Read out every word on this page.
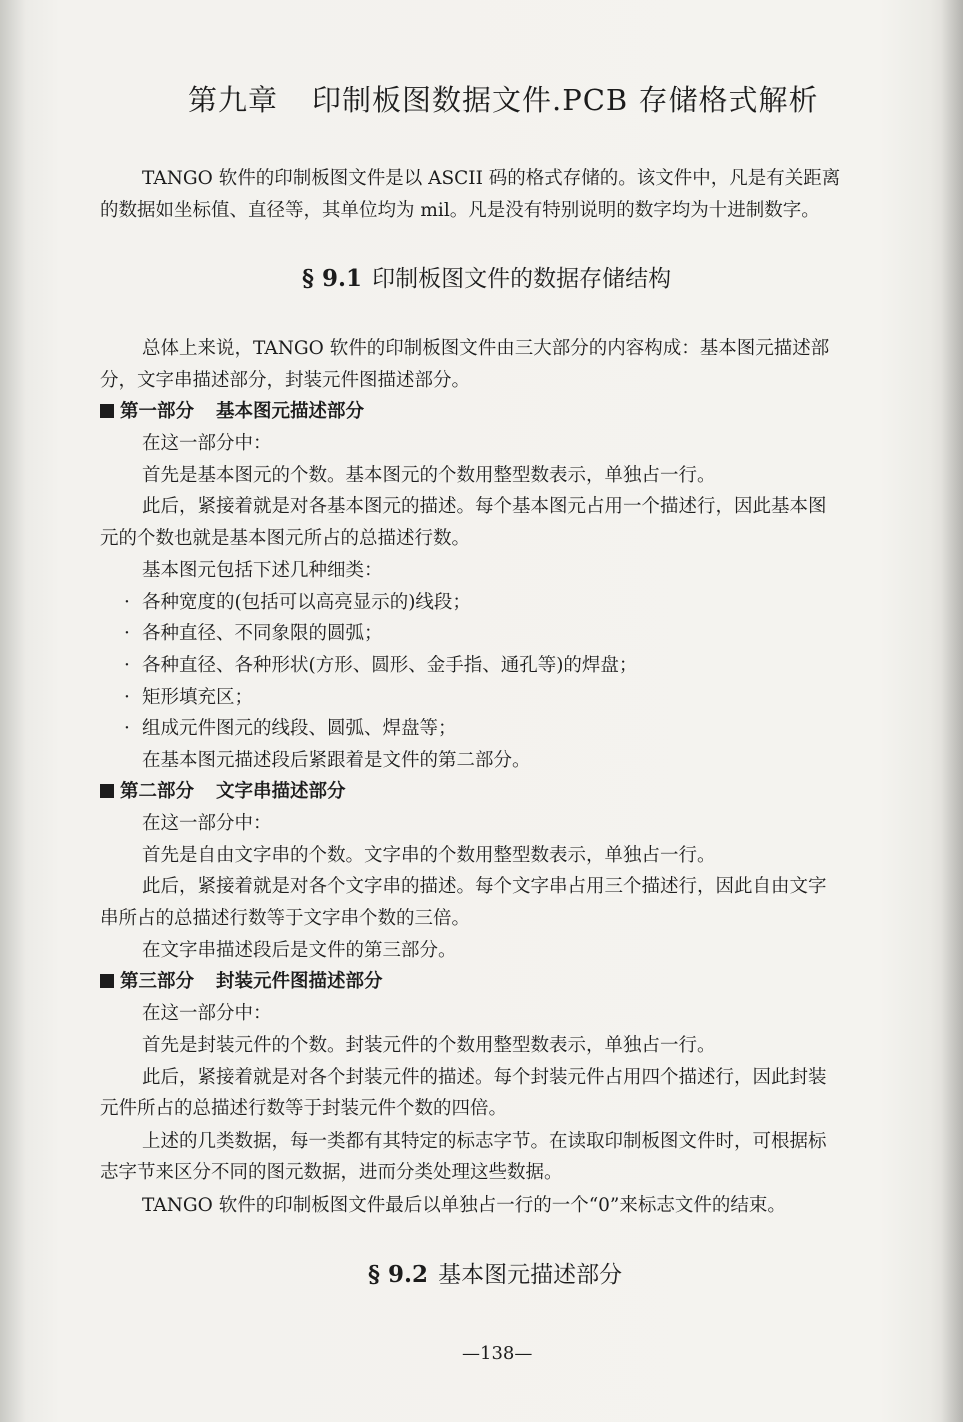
第九章 印制板图数据文件.PCB 存储格式解析

TANGO 软件的印制板图文件是以 ASCII 码的格式存储的。该文件中，凡是有关距离

的数据如坐标值、直径等，其单位均为 mil。凡是没有特别说明的数字均为十进制数字。

§ 9.1 印制板图文件的数据存储结构

总体上来说，TANGO 软件的印制板图文件由三大部分的内容构成：基本图元描述部

分，文字串描述部分，封装元件图描述部分。

第一部分 基本图元描述部分

在这一部分中：

首先是基本图元的个数。基本图元的个数用整型数表示，单独占一行。

此后，紧接着就是对各基本图元的描述。每个基本图元占用一个描述行，因此基本图

元的个数也就是基本图元所占的总描述行数。

基本图元包括下述几种细类：

· 各种宽度的(包括可以高亮显示的)线段；

· 各种直径、不同象限的圆弧；

· 各种直径、各种形状(方形、圆形、金手指、通孔等)的焊盘；

· 矩形填充区；

· 组成元件图元的线段、圆弧、焊盘等；

在基本图元描述段后紧跟着是文件的第二部分。

第二部分 文字串描述部分

在这一部分中：

首先是自由文字串的个数。文字串的个数用整型数表示，单独占一行。

此后，紧接着就是对各个文字串的描述。每个文字串占用三个描述行，因此自由文字

串所占的总描述行数等于文字串个数的三倍。

在文字串描述段后是文件的第三部分。

第三部分 封装元件图描述部分

在这一部分中：

首先是封装元件的个数。封装元件的个数用整型数表示，单独占一行。

此后，紧接着就是对各个封装元件的描述。每个封装元件占用四个描述行，因此封装

元件所占的总描述行数等于封装元件个数的四倍。

上述的几类数据，每一类都有其特定的标志字节。在读取印制板图文件时，可根据标

志字节来区分不同的图元数据，进而分类处理这些数据。

TANGO 软件的印制板图文件最后以单独占一行的一个“0”来标志文件的结束。

§ 9.2 基本图元描述部分
—138—
